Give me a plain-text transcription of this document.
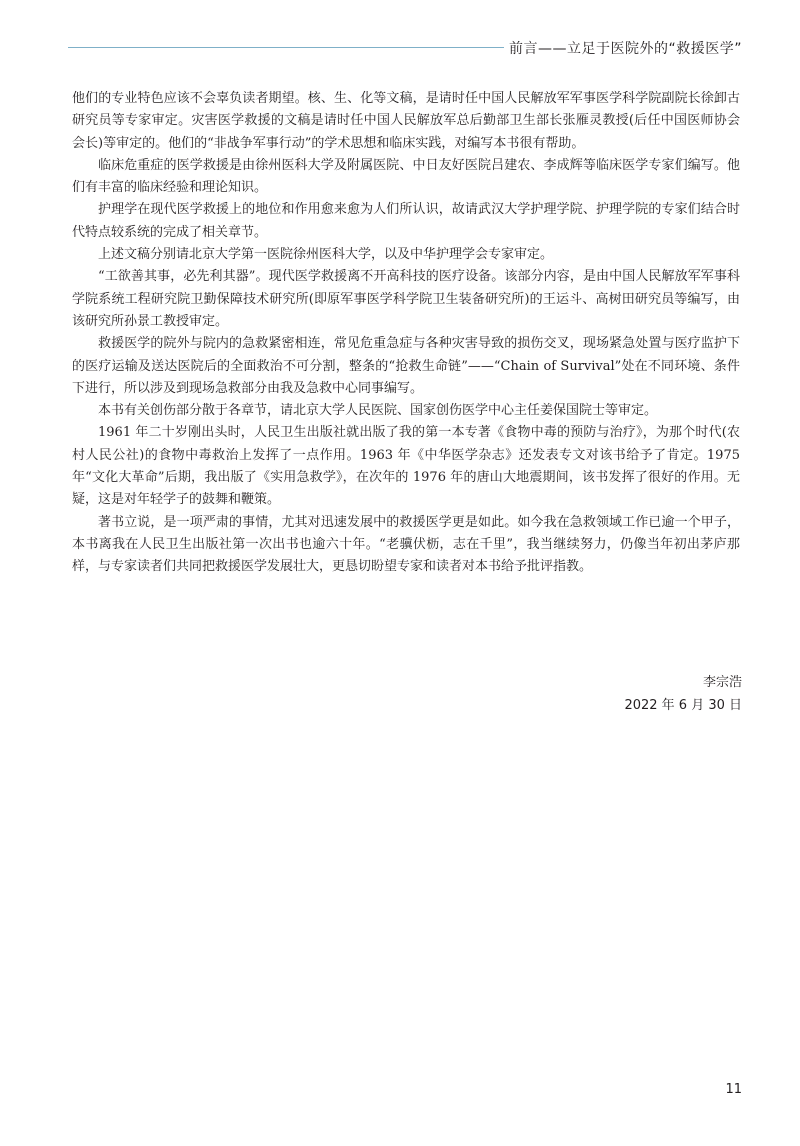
前言——立足于医院外的“救援医学”

他们的专业特色应该不会辜负读者期望。核、生、化等文稿，是请时任中国人民解放军军事医学科学院副院长徐卸古研究员等专家审定。灾害医学救援的文稿是请时任中国人民解放军总后勤部卫生部长张雁灵教授(后任中国医师协会会长)等审定的。他们的“非战争军事行动”的学术思想和临床实践，对编写本书很有帮助。

临床危重症的医学救援是由徐州医科大学及附属医院、中日友好医院吕建农、李成辉等临床医学专家们编写。他们有丰富的临床经验和理论知识。

护理学在现代医学救援上的地位和作用愈来愈为人们所认识，故请武汉大学护理学院、护理学院的专家们结合时代特点较系统的完成了相关章节。

上述文稿分别请北京大学第一医院徐州医科大学，以及中华护理学会专家审定。

“工欲善其事，必先利其器”。现代医学救援离不开高科技的医疗设备。该部分内容，是由中国人民解放军军事科学院系统工程研究院卫勤保障技术研究所(即原军事医学科学院卫生装备研究所)的王运斗、高树田研究员等编写，由该研究所孙景工教授审定。

救援医学的院外与院内的急救紧密相连，常见危重急症与各种灾害导致的损伤交叉，现场紧急处置与医疗监护下的医疗运输及送达医院后的全面救治不可分割，整条的“抢救生命链”——“Chain of Survival”处在不同环境、条件下进行，所以涉及到现场急救部分由我及急救中心同事编写。

本书有关创伤部分散于各章节，请北京大学人民医院、国家创伤医学中心主任姜保国院士等审定。

1961 年二十岁刚出头时，人民卫生出版社就出版了我的第一本专著《食物中毒的预防与治疗》，为那个时代(农村人民公社)的食物中毒救治上发挥了一点作用。1963 年《中华医学杂志》还发表专文对该书给予了肯定。1975 年“文化大革命”后期，我出版了《实用急救学》，在次年的 1976 年的唐山大地震期间，该书发挥了很好的作用。无疑，这是对年轻学子的鼓舞和鞭策。

著书立说，是一项严肃的事情，尤其对迅速发展中的救援医学更是如此。如今我在急救领域工作已逾一个甲子，本书离我在人民卫生出版社第一次出书也逾六十年。“老骥伏枥，志在千里”，我当继续努力，仍像当年初出茅庐那样，与专家读者们共同把救援医学发展壮大，更恳切盼望专家和读者对本书给予批评指教。

李宗浩
2022 年 6 月 30 日
11
